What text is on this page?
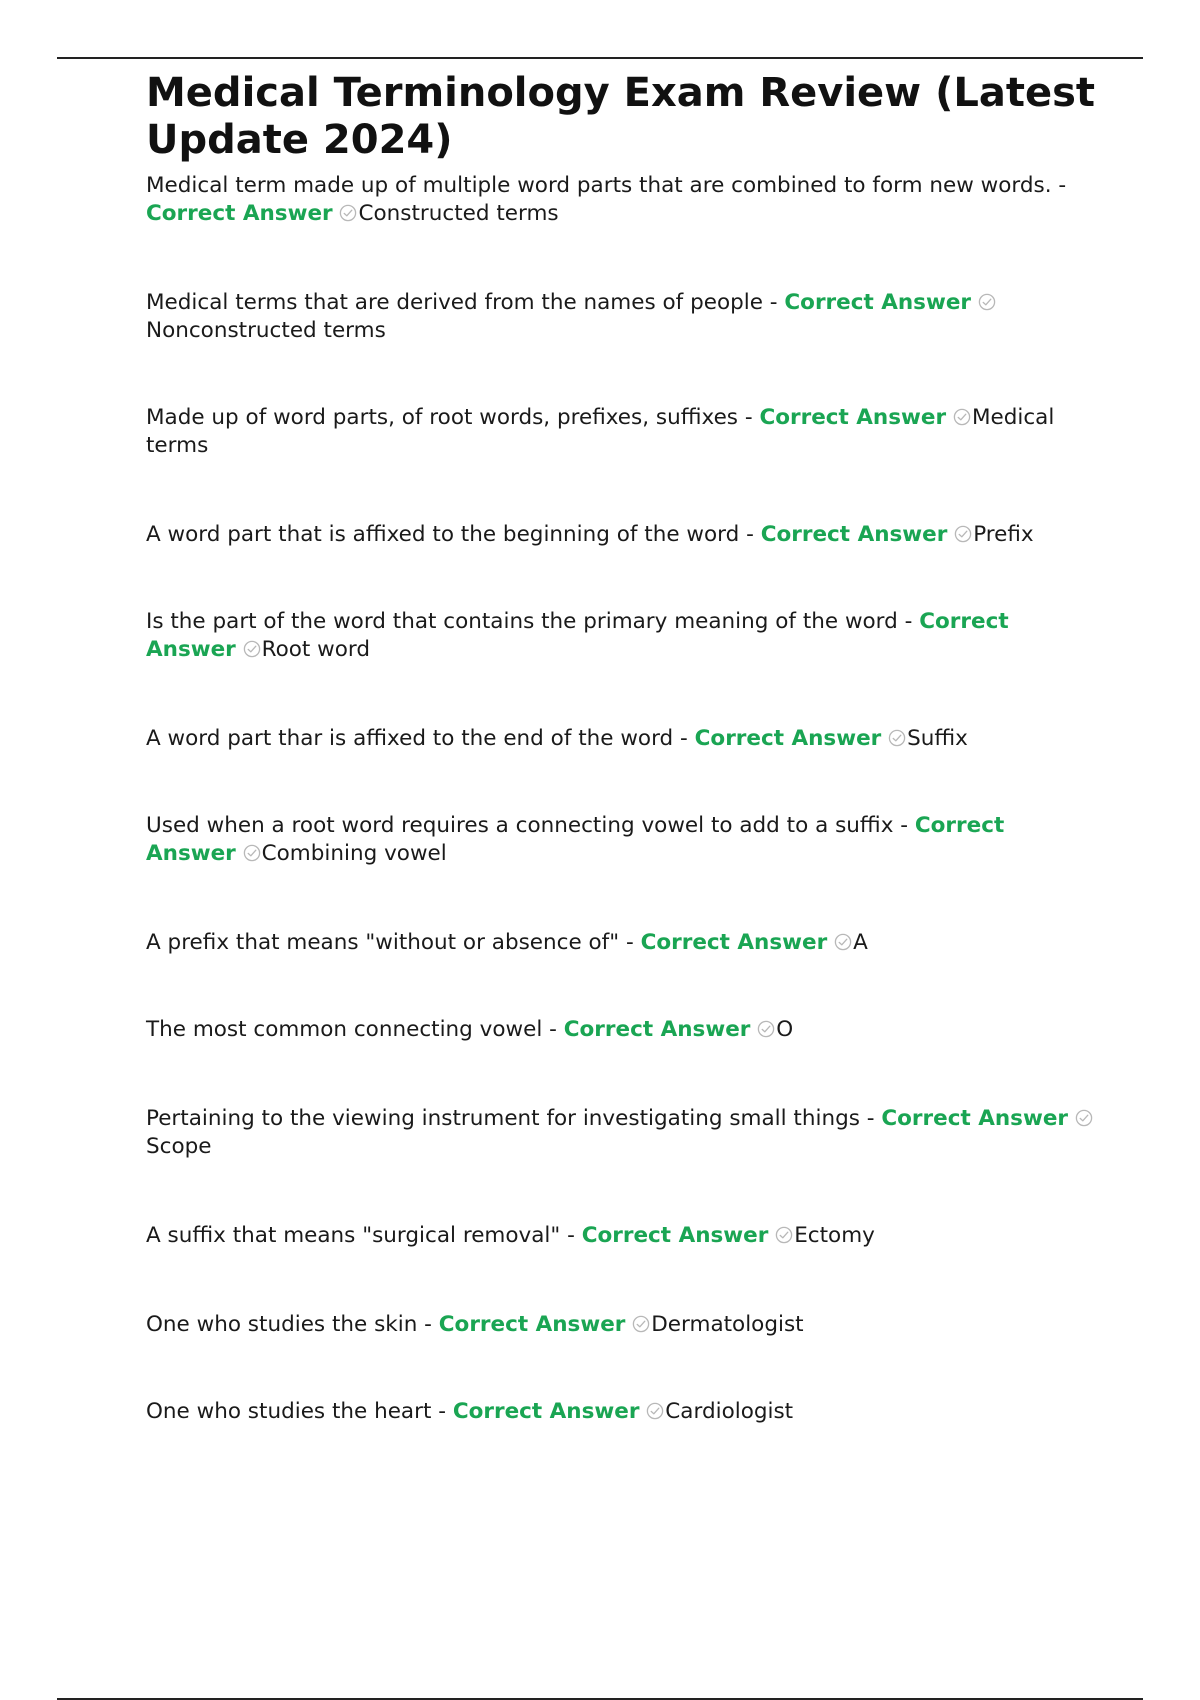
Medical Terminology Exam Review (Latest Update 2024)

Medical term made up of multiple word parts that are combined to form new words. - Correct Answer Constructed terms

Medical terms that are derived from the names of people - Correct Answer
Nonconstructed terms

Made up of word parts, of root words, prefixes, suffixes - Correct Answer Medical terms

A word part that is affixed to the beginning of the word - Correct Answer Prefix

Is the part of the word that contains the primary meaning of the word - Correct Answer Root word

A word part thar is affixed to the end of the word - Correct Answer Suffix

Used when a root word requires a connecting vowel to add to a suffix - Correct Answer Combining vowel

A prefix that means "without or absence of" - Correct Answer A

The most common connecting vowel - Correct Answer O

Pertaining to the viewing instrument for investigating small things - Correct Answer
Scope

A suffix that means "surgical removal" - Correct Answer Ectomy

One who studies the skin - Correct Answer Dermatologist

One who studies the heart - Correct Answer Cardiologist
